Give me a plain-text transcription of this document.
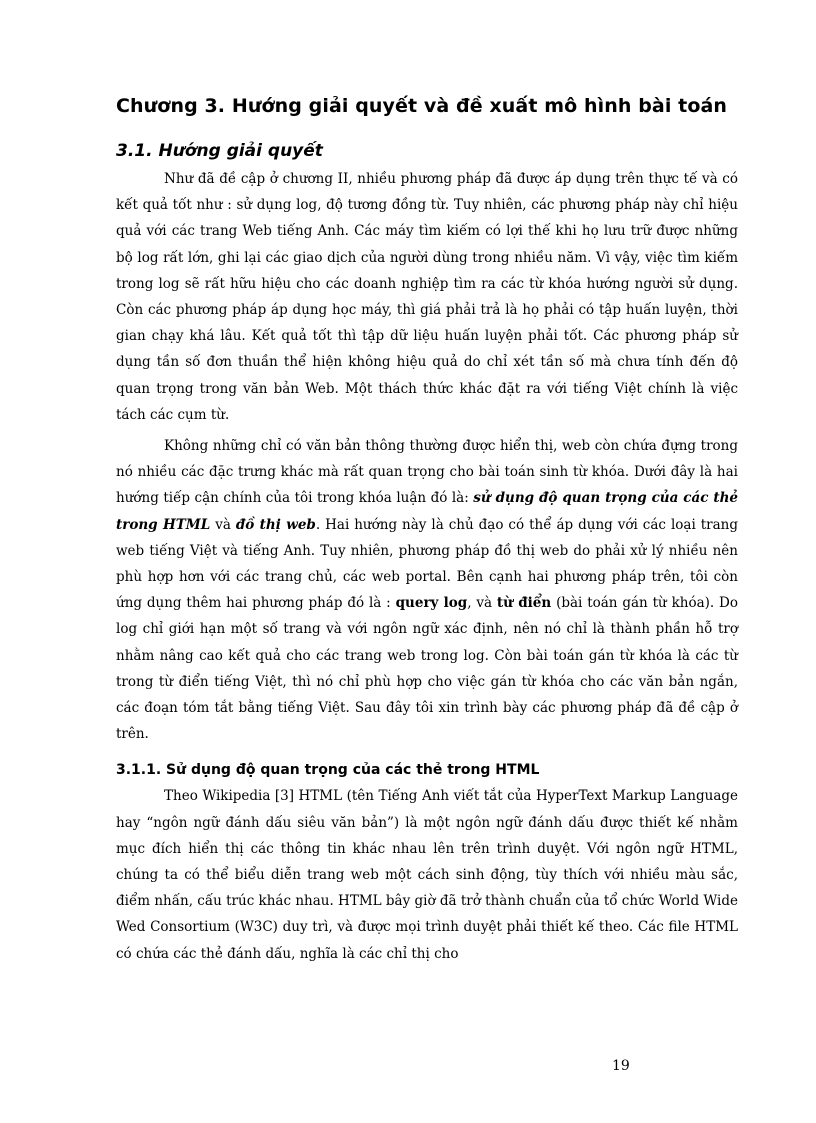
Chương 3. Hướng giải quyết và đề xuất mô hình bài toán
3.1. Hướng giải quyết

Như đã đề cập ở chương II, nhiều phương pháp đã được áp dụng trên thực tế và có kết quả tốt như : sử dụng log, độ tương đồng từ. Tuy nhiên, các phương pháp này chỉ hiệu quả với các trang Web tiếng Anh. Các máy tìm kiếm có lợi thế khi họ lưu trữ được những bộ log rất lớn, ghi lại các giao dịch của người dùng trong nhiều năm. Vì vậy, việc tìm kiếm trong log sẽ rất hữu hiệu cho các doanh nghiệp tìm ra các từ khóa hướng người sử dụng. Còn các phương pháp áp dụng học máy, thì giá phải trả là họ phải có tập huấn luyện, thời gian chạy khá lâu. Kết quả tốt thì tập dữ liệu huấn luyện phải tốt. Các phương pháp sử dụng tần số đơn thuần thể hiện không hiệu quả do chỉ xét tần số mà chưa tính đến độ quan trọng trong văn bản Web. Một thách thức khác đặt ra với tiếng Việt chính là việc tách các cụm từ.

Không những chỉ có văn bản thông thường được hiển thị, web còn chứa đựng trong nó nhiều các đặc trưng khác mà rất quan trọng cho bài toán sinh từ khóa. Dưới đây là hai hướng tiếp cận chính của tôi trong khóa luận đó là: sử dụng độ quan trọng của các thẻ trong HTML và đồ thị web. Hai hướng này là chủ đạo có thể áp dụng với các loại trang web tiếng Việt và tiếng Anh. Tuy nhiên, phương pháp đồ thị web do phải xử lý nhiều nên phù hợp hơn với các trang chủ, các web portal. Bên cạnh hai phương pháp trên, tôi còn ứng dụng thêm hai phương pháp đó là : query log, và từ điển (bài toán gán từ khóa). Do log chỉ giới hạn một số trang và với ngôn ngữ xác định, nên nó chỉ là thành phần hỗ trợ nhằm nâng cao kết quả cho các trang web trong log. Còn bài toán gán từ khóa là các từ trong từ điển tiếng Việt, thì nó chỉ phù hợp cho việc gán từ khóa cho các văn bản ngắn, các đoạn tóm tắt bằng tiếng Việt. Sau đây tôi xin trình bày các phương pháp đã đề cập ở trên.

3.1.1. Sử dụng độ quan trọng của các thẻ trong HTML

Theo Wikipedia [3] HTML (tên Tiếng Anh viết tắt của HyperText Markup Language hay “ngôn ngữ đánh dấu siêu văn bản”) là một ngôn ngữ đánh dấu được thiết kế nhằm mục đích hiển thị các thông tin khác nhau lên trên trình duyệt. Với ngôn ngữ HTML, chúng ta có thể biểu diễn trang web một cách sinh động, tùy thích với nhiều màu sắc, điểm nhấn, cấu trúc khác nhau. HTML bây giờ đã trở thành chuẩn của tổ chức World Wide Wed Consortium (W3C) duy trì, và được mọi trình duyệt phải thiết kế theo. Các file HTML có chứa các thẻ đánh dấu, nghĩa là các chỉ thị cho

19
